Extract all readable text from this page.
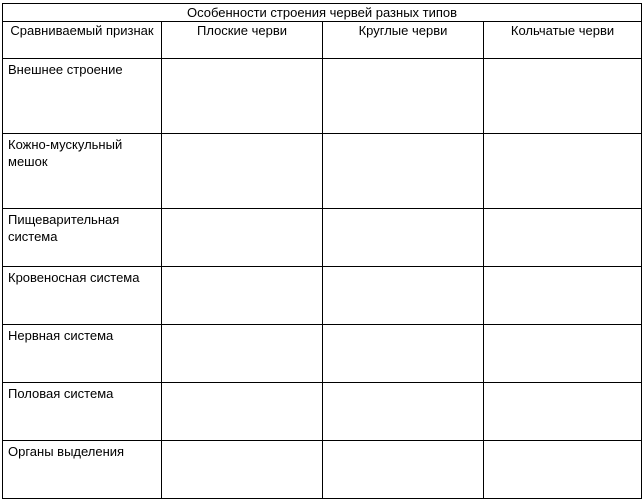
Особенности строения червей разных типов			
Сравниваемый признак	Плоские черви	Круглые черви	Кольчатые черви
Внешнее строение			
Кожно-мускульный мешок			
Пищеварительная система			
Кровеносная система			
Нервная система			
Половая система			
Органы выделения			
